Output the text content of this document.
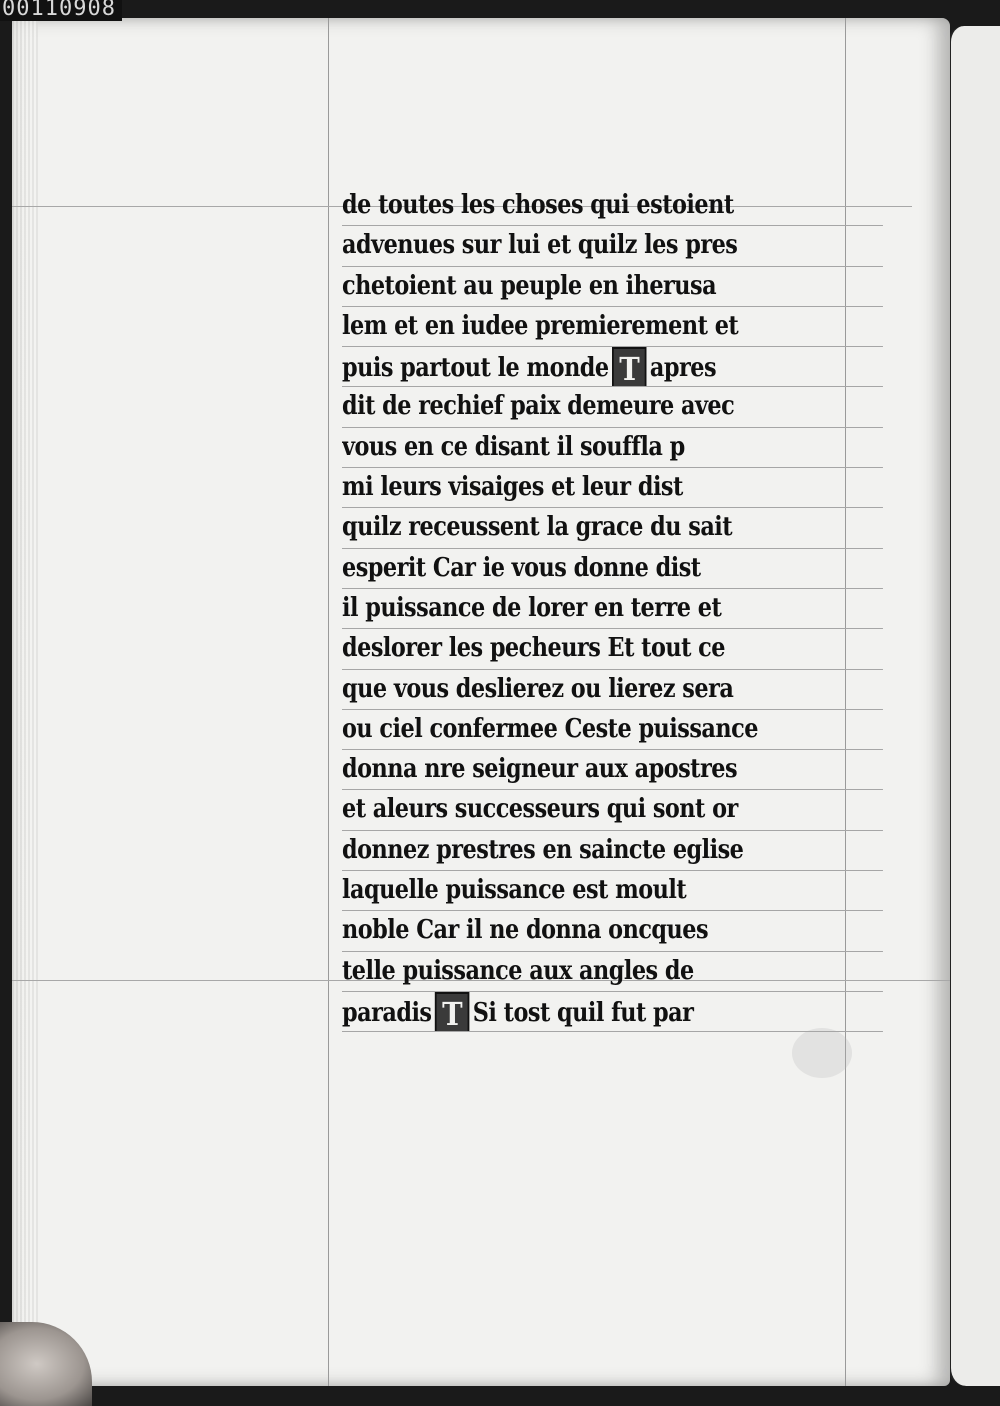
00110908
de toutes les choses qui estoient
advenues sur lui et quilz les pres
chetoient au peuple en iherusa
lem et en iudee premierement et
puis partout le monde T apres
dit de rechief paix demeure avec
vous en ce disant il souffla p
mi leurs visaiges et leur dist
quilz receussent la grace du sait
esperit Car ie vous donne dist
il puissance de lorer en terre et
deslorer les pecheurs Et tout ce
que vous deslierez ou lierez sera
ou ciel confermee Ceste puissance
donna nre seigneur aux apostres
et aleurs successeurs qui sont or
donnez prestres en saincte eglise
laquelle puissance est moult
noble Car il ne donna oncques
telle puissance aux angles de
paradis T Si tost quil fut par
